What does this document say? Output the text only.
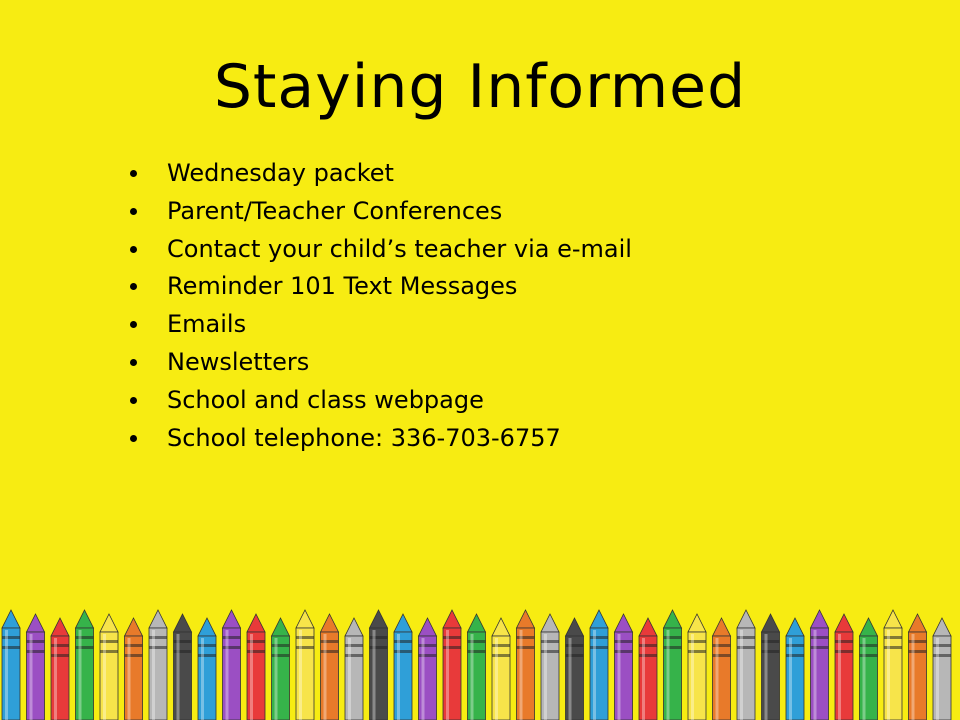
Staying Informed
Wednesday packet
Parent/Teacher Conferences
Contact your child’s teacher via e-mail
Reminder 101 Text Messages
Emails
Newsletters
School and class webpage
School telephone: 336-703-6757
